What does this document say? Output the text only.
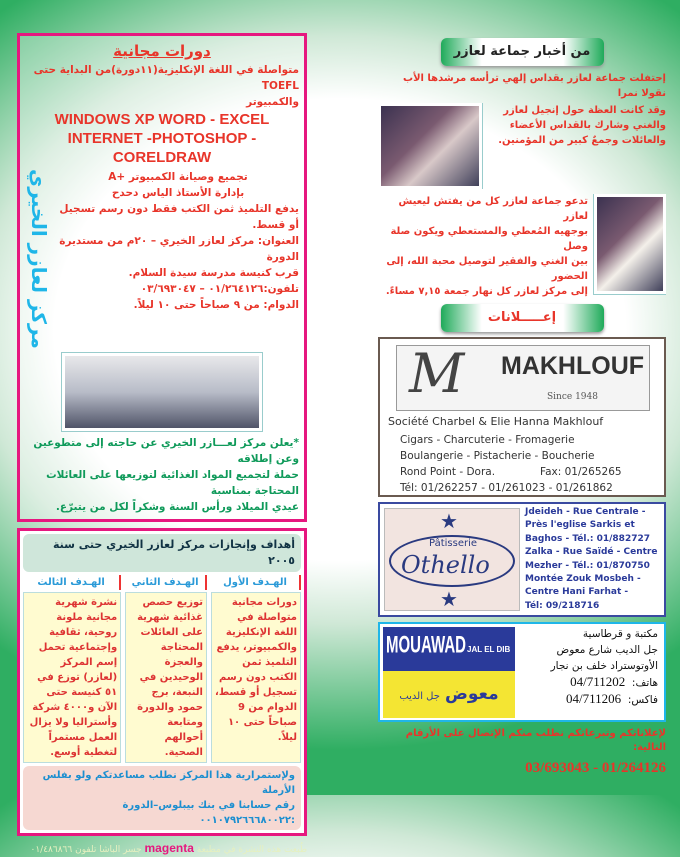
دورات مجانية
متواصلة في اللغة الإنكليزية(١١دورة)من البداية حتى TOEFL
والكمبيوتر
WINDOWS XP WORD - EXCEL
INTERNET -PHOTOSHOP - CORELDRAW
مركز لعازر الخيري	تجميع وصيانة الكمبيوتر +A
بإدارة الأستاذ الياس دحدح
يدفع التلميذ ثمن الكتب فقط دون رسم تسجيل أو قسط.
العنوان: مركز لعازر الخيري – ٢٠م من مستديرة الدورة
قرب كنيسة مدرسة سيدة السلام.
تلفون:٠١/٢٦٤١٢٦ – ٠٣/٦٩٣٠٤٧
الدوام: من ٩ صباحاً حتى ١٠ ليلاً.
*يعلن مركز لعـــازر الخيري عن حاجته إلى متطوعين وعن إطلاقه
حملة لتجميع المواد الغذائية لتوزيعها على العائلات المحتاجة بمناسبة
عيدي الميلاد ورأس السنة وشكراً لكل من يتبرّع.
أهداف وإنجازات مركز لعازر الخيري حتى سنة ٢٠٠٥
الهـدف الأول
دورات مجانية متواصلة في اللغة الإنكليزية والكمبيوتر، يدفع التلميذ ثمن الكتب دون رسم تسجيل أو قسط، الدوام من 9 صباحاً حتى ١٠ ليلاً.
الهـدف الثاني
توزيع حصص غذائية شهرية على العائلات المحتاجة والعجزة الوحيدين في النبعة، برج حمود والدورة ومتابعة أحوالهم الصحية.
الهـدف الثالث
نشرة شهرية مجانية ملونة روحية، ثقافية وإجتماعية تحمل إسم المركز (لعازر) توزع في ٥١ كنيسة حتى الآن و٤٠٠٠ شركة وأستراليا ولا يزال العمل مستمراً لتغطية أوسع.
ولإستمرارية هذا المركز نطلب مساعدتكم ولو بفلس الأرملة
رقم حسابنا في بنك بيبلوس–الدورة :٠٠١٠٧٩٢٦٦٦٨٠٠٢٢
طُبعت هذه النشرة في مطبعة magenta جسر الباشا تلفون ٠١/٤٨٦٨٦٦
من أخبار جماعة لعازر
إحتفلت جماعة لعازر بقداس إلهي ترأسه مرشدها الأب نقولا نمرا
وقد كانت العظة حول إنجيل لعازر
والغني وشارك بالقداس الأعضاء
والعائلات وجمعٌ كبير من المؤمنين.
تدعو جماعة لعازر كل من يفتش ليعيش لعازر
بوجهيه المُعطي والمستعطي ويكون صلة وصل
بين الغني والفقير لتوصيل محبة الله، إلى الحضور
إلى مركز لعازر كل نهار جمعة ٧,١٥ مساءً.
إعـــــلانات
M MAKHLOUF
Since 1948
Société Charbel & Elie Hanna Makhlouf
Cigars - Charcuterie - Fromagerie
Boulangerie - Pistacherie - Boucherie
Rond Point - Dora.	Fax: 01/265265
Tél: 01/262257 - 01/261023 - 01/261862
★
Pâtisserie
Othello
★
Jdeideh - Rue Centrale -
Près l'eglise Sarkis et
Baghos - Tél.: 01/882727
Zalka - Rue Saïdé - Centre
Mezher - Tél.: 01/870750
Montée Zouk Mosbeh -
Centre Hani Farhat -
Tél: 09/218716
MOUAWAD JAL EL DIB
معوض جل الديب
مكتبة و قرطاسية
جل الديب شارع معوض
الأوتوستراد خلف بن نجار
هاتف:  04/711202
فاكس:  04/711206
لإعلاناتكم وتبرعاتكم نطلب منكم الإتصال على الأرقام التالية:
03/693043 - 01/264126
